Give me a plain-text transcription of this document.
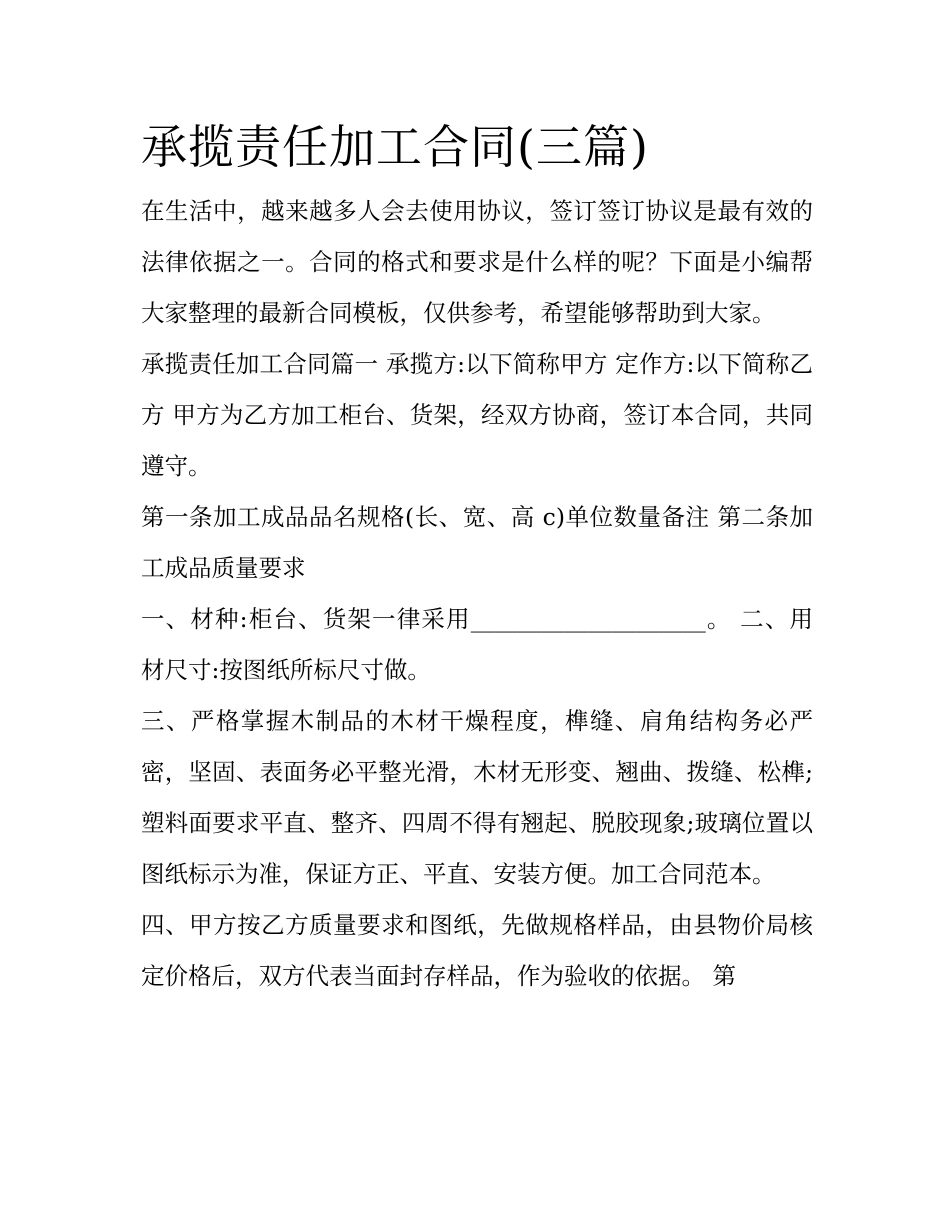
承揽责任加工合同(三篇)

在生活中，越来越多人会去使用协议，签订签订协议是最有效的法律依据之一。合同的格式和要求是什么样的呢？下面是小编帮大家整理的最新合同模板，仅供参考，希望能够帮助到大家。

承揽责任加工合同篇一 承揽方:以下简称甲方 定作方:以下简称乙方 甲方为乙方加工柜台、货架，经双方协商，签订本合同，共同遵守。

第一条加工成品品名规格(长、宽、高 c)单位数量备注 第二条加工成品质量要求

一、材种:柜台、货架一律采用____________________。 二、用材尺寸:按图纸所标尺寸做。

三、严格掌握木制品的木材干燥程度，榫缝、肩角结构务必严密，坚固、表面务必平整光滑，木材无形变、翘曲、拨缝、松榫;塑料面要求平直、整齐、四周不得有翘起、脱胶现象;玻璃位置以图纸标示为准，保证方正、平直、安装方便。加工合同范本。

四、甲方按乙方质量要求和图纸，先做规格样品，由县物价局核定价格后，双方代表当面封存样品，作为验收的依据。 第
